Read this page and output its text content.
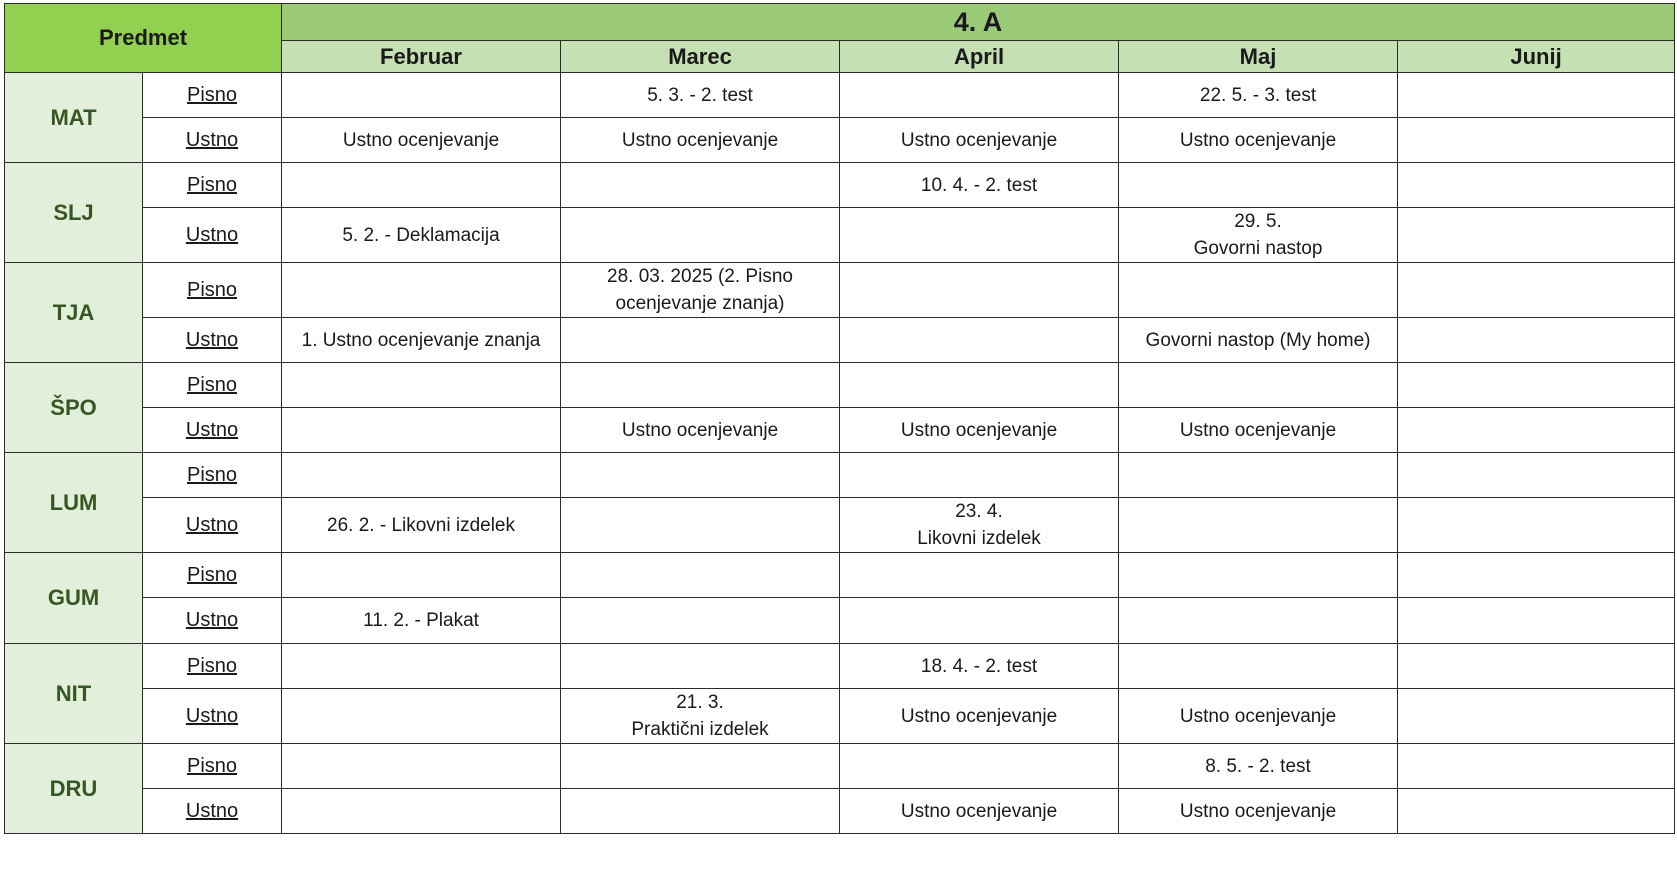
Predmet		4. A				
		Februar	Marec	April	Maj	Junij
MAT	Pisno		5. 3. - 2. test		22. 5. - 3. test	
	Ustno	Ustno ocenjevanje	Ustno ocenjevanje	Ustno ocenjevanje	Ustno ocenjevanje	
SLJ	Pisno			10. 4. - 2. test		
	Ustno	5. 2. - Deklamacija			29. 5.
Govorni nastop	
TJA	Pisno		28. 03. 2025 (2. Pisno
ocenjevanje znanja)			
	Ustno	1. Ustno ocenjevanje znanja			Govorni nastop (My home)	
ŠPO	Pisno					
	Ustno		Ustno ocenjevanje	Ustno ocenjevanje	Ustno ocenjevanje	
LUM	Pisno					
	Ustno	26. 2. - Likovni izdelek		23. 4.
Likovni izdelek		
GUM	Pisno					
	Ustno	11. 2. - Plakat				
NIT	Pisno			18. 4. - 2. test		
	Ustno		21. 3.
Praktični izdelek	Ustno ocenjevanje	Ustno ocenjevanje	
DRU	Pisno				8. 5. - 2. test	
	Ustno			Ustno ocenjevanje	Ustno ocenjevanje	
